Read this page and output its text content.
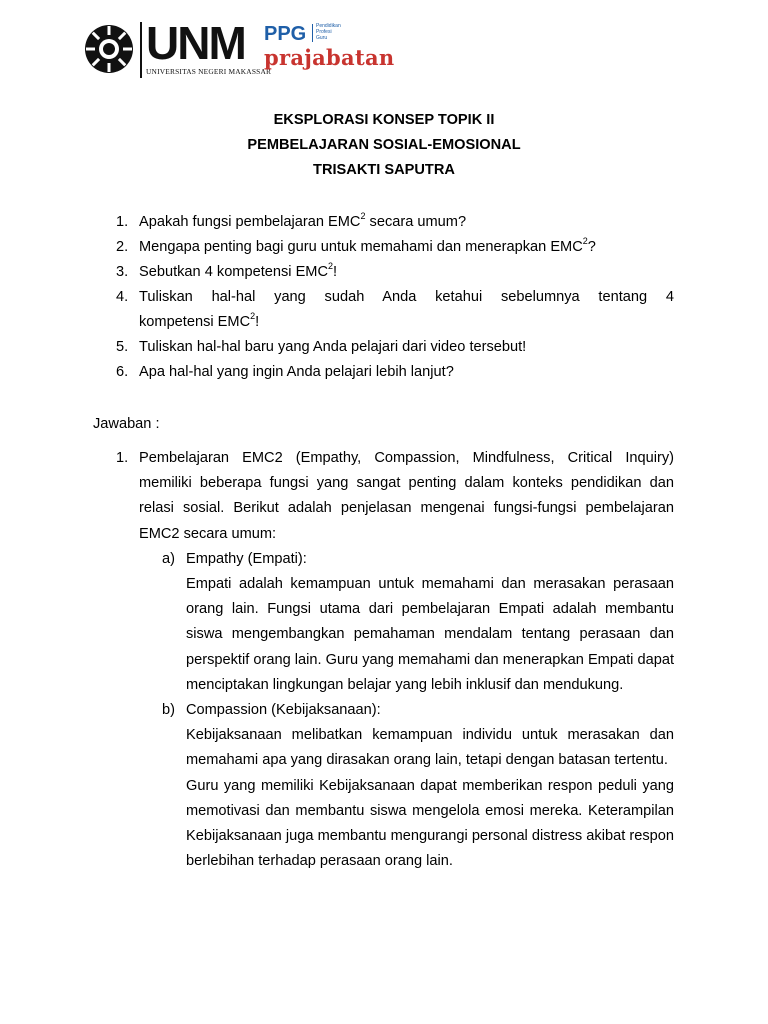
UNM
UNIVERSITAS NEGERI MAKASSAR
PPG Pendidikan
Profesi
Guru
prajabatan
EKSPLORASI KONSEP TOPIK II
PEMBELAJARAN SOSIAL-EMOSIONAL
TRISAKTI SAPUTRA
1. Apakah fungsi pembelajaran EMC$^2$ secara umum?
2. Mengapa penting bagi guru untuk memahami dan menerapkan EMC$^2$?
3. Sebutkan 4 kompetensi EMC$^2$!
4. Tuliskan hal-hal yang sudah Anda ketahui sebelumnya tentang 4
kompetensi EMC$^2$!
5. Tuliskan hal-hal baru yang Anda pelajari dari video tersebut!
6. Apa hal-hal yang ingin Anda pelajari lebih lanjut?
Jawaban :
1. Pembelajaran EMC2 (Empathy, Compassion, Mindfulness, Critical Inquiry) memiliki beberapa fungsi yang sangat penting dalam konteks pendidikan dan relasi sosial. Berikut adalah penjelasan mengenai fungsi-fungsi pembelajaran EMC2 secara umum:
a) Empathy (Empati):
Empati adalah kemampuan untuk memahami dan merasakan perasaan orang lain. Fungsi utama dari pembelajaran Empati adalah membantu siswa mengembangkan pemahaman mendalam tentang perasaan dan perspektif orang lain. Guru yang memahami dan menerapkan Empati dapat menciptakan lingkungan belajar yang lebih inklusif dan mendukung.
b) Compassion (Kebijaksanaan):
Kebijaksanaan melibatkan kemampuan individu untuk merasakan dan memahami apa yang dirasakan orang lain, tetapi dengan batasan tertentu.
Guru yang memiliki Kebijaksanaan dapat memberikan respon peduli yang memotivasi dan membantu siswa mengelola emosi mereka. Keterampilan Kebijaksanaan juga membantu mengurangi personal distress akibat respon berlebihan terhadap perasaan orang lain.
